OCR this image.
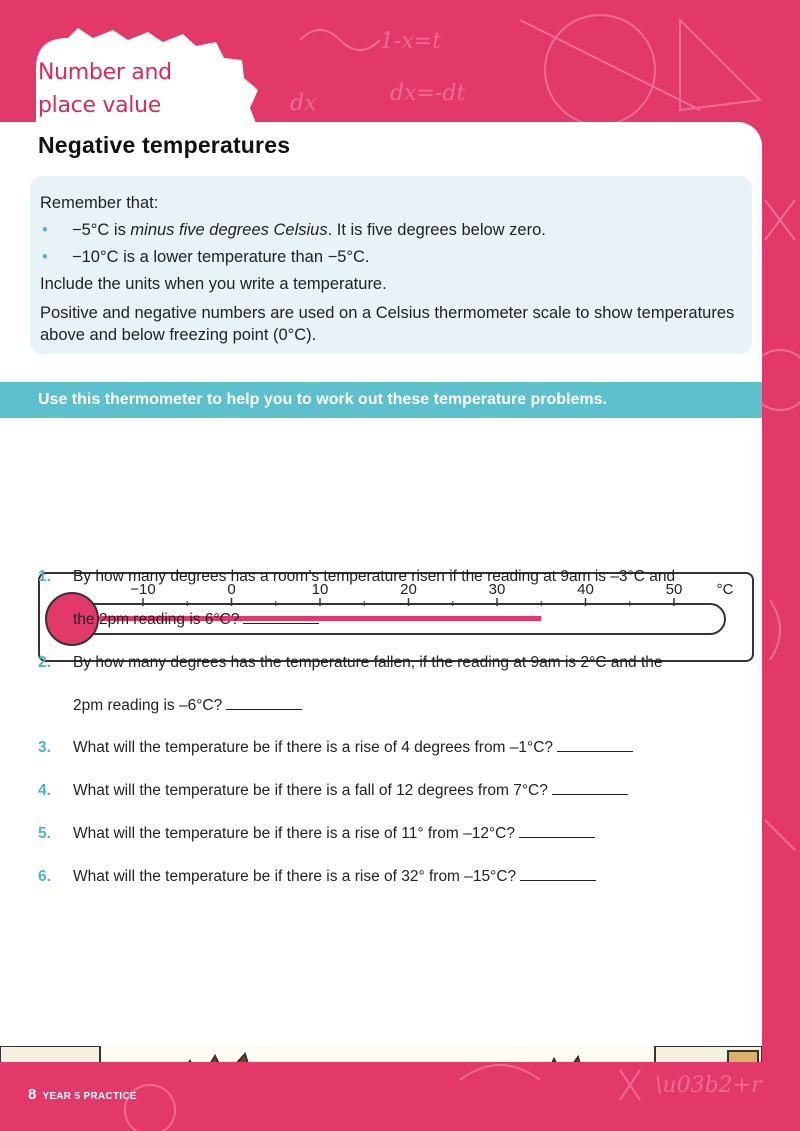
1-x=t
dx=-dt
dx
\u03b2+r
−10	0	10	20	30	40	50 °C
Number and
place value
Negative temperatures

Remember that:

• −5°C is minus five degrees Celsius. It is five degrees below zero.

• −10°C is a lower temperature than −5°C.

Include the units when you write a temperature.

Positive and negative numbers are used on a Celsius thermometer scale to show temperatures above and below freezing point (0°C).

Use this thermometer to help you to work out these temperature problems.
1. By how many degrees has a room’s temperature risen if the reading at 9am is –3°C and
the 2pm reading is 6°C?
2. By how many degrees has the temperature fallen, if the reading at 9am is 2°C and the
2pm reading is –6°C?
3. What will the temperature be if there is a rise of 4 degrees from –1°C?
4. What will the temperature be if there is a fall of 12 degrees from 7°C?
5. What will the temperature be if there is a rise of 11° from –12°C?
6. What will the temperature be if there is a rise of 32° from –15°C?
8 YEAR 5 PRACTICE
